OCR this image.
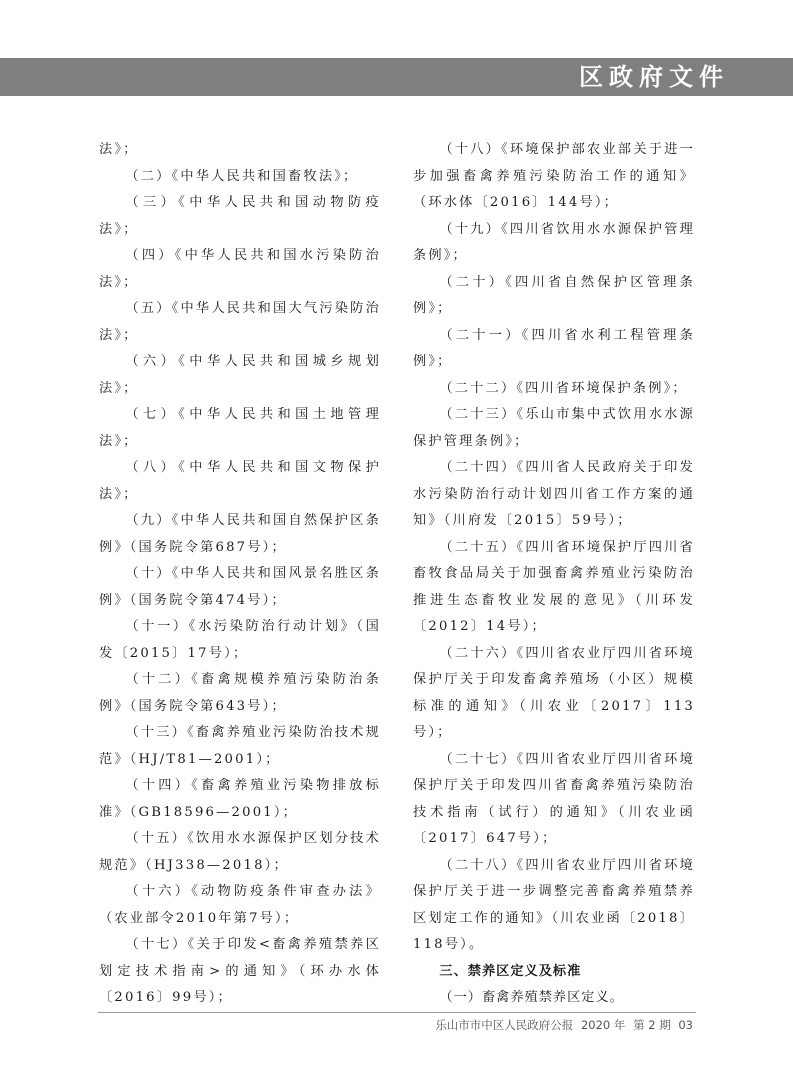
区政府文件

法》；

（二）《中华人民共和国畜牧法》；

（三）《中华人民共和国动物防疫法》；

（四）《中华人民共和国水污染防治法》；

（五）《中华人民共和国大气污染防治法》；

（六）《中华人民共和国城乡规划法》；

（七）《中华人民共和国土地管理法》；

（八）《中华人民共和国文物保护法》；

（九）《中华人民共和国自然保护区条例》（国务院令第687号）；

（十）《中华人民共和国风景名胜区条例》（国务院令第474号）；

（十一）《水污染防治行动计划》（国发〔2015〕17号）；

（十二）《畜禽规模养殖污染防治条例》（国务院令第643号）；

（十三）《畜禽养殖业污染防治技术规范》（HJ/T81—2001）；

（十四）《畜禽养殖业污染物排放标准》（GB18596—2001）；

（十五）《饮用水水源保护区划分技术规范》（HJ338—2018）；

（十六）《动物防疫条件审查办法》（农业部令2010年第7号）；

（十七）《关于印发<畜禽养殖禁养区划定技术指南>的通知》（环办水体〔2016〕99号）；

（十八）《环境保护部农业部关于进一步加强畜禽养殖污染防治工作的通知》（环水体〔2016〕144号）；

（十九）《四川省饮用水水源保护管理条例》；

（二十）《四川省自然保护区管理条例》；

（二十一）《四川省水利工程管理条例》；

（二十二）《四川省环境保护条例》；

（二十三）《乐山市集中式饮用水水源保护管理条例》；

（二十四）《四川省人民政府关于印发水污染防治行动计划四川省工作方案的通知》（川府发〔2015〕59号）；

（二十五）《四川省环境保护厅四川省畜牧食品局关于加强畜禽养殖业污染防治推进生态畜牧业发展的意见》（川环发〔2012〕14号）；

（二十六）《四川省农业厅四川省环境保护厅关于印发畜禽养殖场（小区）规模标准的通知》（川农业〔2017〕113号）；

（二十七）《四川省农业厅四川省环境保护厅关于印发四川省畜禽养殖污染防治技术指南（试行）的通知》（川农业函〔2017〕647号）；

（二十八）《四川省农业厅四川省环境保护厅关于进一步调整完善畜禽养殖禁养区划定工作的通知》（川农业函〔2018〕118号）。

三、禁养区定义及标准

（一）畜禽养殖禁养区定义。

乐山市市中区人民政府公报 2020 年 第 2 期 03
